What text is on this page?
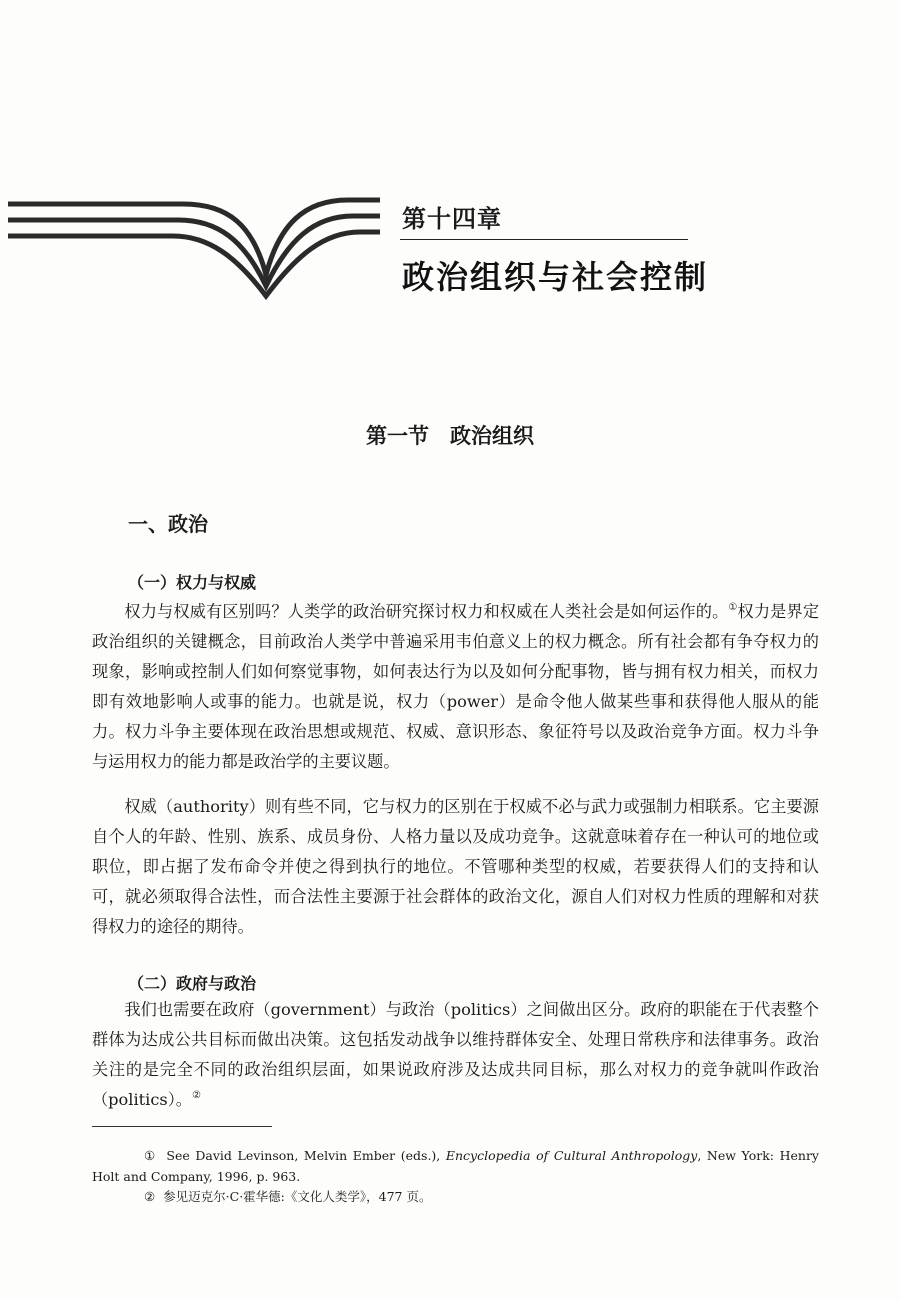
第十四章
政治组织与社会控制
第一节　政治组织
一、政治
（一）权力与权威

权力与权威有区别吗？人类学的政治研究探讨权力和权威在人类社会是如何运作的。①权力是界定政治组织的关键概念，目前政治人类学中普遍采用韦伯意义上的权力概念。所有社会都有争夺权力的现象，影响或控制人们如何察觉事物，如何表达行为以及如何分配事物，皆与拥有权力相关，而权力即有效地影响人或事的能力。也就是说，权力（power）是命令他人做某些事和获得他人服从的能力。权力斗争主要体现在政治思想或规范、权威、意识形态、象征符号以及政治竞争方面。权力斗争与运用权力的能力都是政治学的主要议题。

权威（authority）则有些不同，它与权力的区别在于权威不必与武力或强制力相联系。它主要源自个人的年龄、性别、族系、成员身份、人格力量以及成功竞争。这就意味着存在一种认可的地位或职位，即占据了发布命令并使之得到执行的地位。不管哪种类型的权威，若要获得人们的支持和认可，就必须取得合法性，而合法性主要源于社会群体的政治文化，源自人们对权力性质的理解和对获得权力的途径的期待。

（二）政府与政治

我们也需要在政府（government）与政治（politics）之间做出区分。政府的职能在于代表整个群体为达成公共目标而做出决策。这包括发动战争以维持群体安全、处理日常秩序和法律事务。政治关注的是完全不同的政治组织层面，如果说政府涉及达成共同目标，那么对权力的竞争就叫作政治（politics）。②

① See David Levinson, Melvin Ember (eds.), Encyclopedia of Cultural Anthropology, New York: Henry Holt and Company, 1996, p. 963.

② 参见迈克尔·C·霍华德:《文化人类学》，477 页。
